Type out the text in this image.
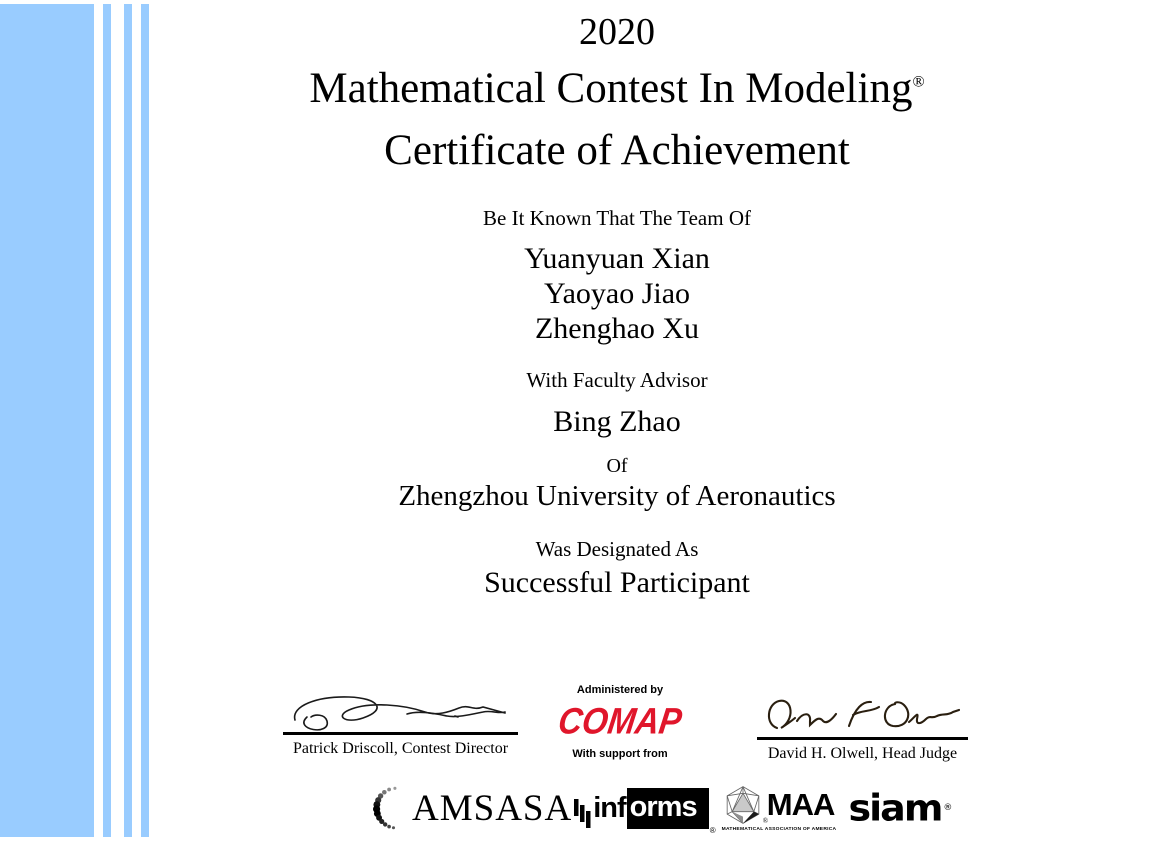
2020
Mathematical Contest In Modeling®
Certificate of Achievement
Be It Known That The Team Of
Yuanyuan Xian
Yaoyao Jiao
Zhenghao Xu
With Faculty Advisor
Bing Zhao
Of
Zhengzhou University of Aeronautics
Was Designated As
Successful Participant
Patrick Driscoll, Contest Director
Administered by
COMAP
With support from	David H. Olwell, Head Judge
AMS ASA inf orms
®
MAA
®
MATHEMATICAL ASSOCIATION OF AMERICA siam ®
